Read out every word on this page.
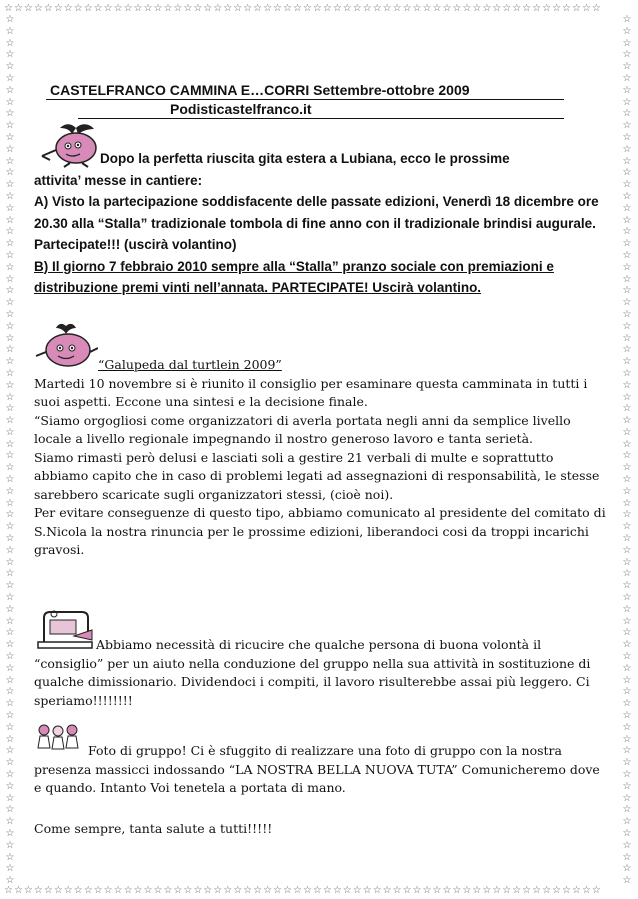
☆☆☆☆☆☆☆☆☆☆☆☆☆☆☆☆☆☆☆☆☆☆☆☆☆☆☆☆☆☆☆☆☆☆☆☆☆☆☆☆☆☆☆☆☆☆☆☆☆☆☆☆☆☆☆☆☆☆☆☆
☆☆☆☆☆☆☆☆☆☆☆☆☆☆☆☆☆☆☆☆☆☆☆☆☆☆☆☆☆☆☆☆☆☆☆☆☆☆☆☆☆☆☆☆☆☆☆☆☆☆☆☆☆☆☆☆☆☆☆☆
☆
☆
☆
☆
☆
☆
☆
☆
☆
☆
☆
☆
☆
☆
☆
☆
☆
☆
☆
☆
☆
☆
☆
☆
☆
☆
☆
☆
☆
☆
☆
☆
☆
☆
☆
☆
☆
☆
☆
☆
☆
☆
☆
☆
☆
☆
☆
☆
☆
☆
☆
☆
☆
☆
☆
☆
☆
☆
☆
☆
☆
☆
☆
☆
☆
☆
☆
☆
☆
☆
☆
☆
☆
☆
☆
☆
☆
☆
☆
☆
☆
☆
☆
☆
☆
☆
☆
☆
☆
☆
☆
☆
☆
☆
☆
☆
☆
☆
☆
☆
☆
☆
☆
☆
☆
☆
☆
☆
☆
☆
☆
☆
☆
☆
☆
☆
☆
☆
☆
☆
☆
☆
☆
☆
☆
☆
☆
☆
☆
☆
☆
☆
☆
☆
☆
☆
☆
☆
☆
☆
☆
☆
☆
☆
☆
☆
☆
☆
CASTELFRANCO CAMMINA E…CORRI Settembre-ottobre 2009
Podisticastelfranco.it

Dopo la perfetta riuscita gita estera a Lubiana, ecco le prossime

attivita’ messe in cantiere:

A) Visto la partecipazione soddisfacente delle passate edizioni, Venerdì 18 dicembre ore 20.30 alla “Stalla” tradizionale tombola di fine anno con il tradizionale brindisi augurale. Partecipate!!! (uscirà volantino)

B) Il giorno 7 febbraio 2010 sempre alla “Stalla” pranzo sociale con premiazioni e distribuzione premi vinti nell’annata. PARTECIPATE! Uscirà volantino.

“Galupeda dal turtlein 2009”

Martedi 10 novembre si è riunito il consiglio per esaminare questa camminata in tutti i suoi aspetti. Eccone una sintesi e la decisione finale.

“Siamo orgogliosi come organizzatori di averla portata negli anni da semplice livello locale a livello regionale impegnando il nostro generoso lavoro e tanta serietà.

Siamo rimasti però delusi e lasciati soli a gestire 21 verbali di multe e soprattutto abbiamo capito che in caso di problemi legati ad assegnazioni di responsabilità, le stesse sarebbero scaricate sugli organizzatori stessi, (cioè noi).

Per evitare conseguenze di questo tipo, abbiamo comunicato al presidente del comitato di S.Nicola la nostra rinuncia per le prossime edizioni, liberandoci cosi da troppi incarichi gravosi.

Abbiamo necessità di ricucire che qualche persona di buona volontà il “consiglio” per un aiuto nella conduzione del gruppo nella sua attività in sostituzione di qualche dimissionario. Dividendoci i compiti, il lavoro risulterebbe assai più leggero. Ci speriamo!!!!!!!!

Foto di gruppo! Ci è sfuggito di realizzare una foto di gruppo con la nostra presenza massicci indossando “LA NOSTRA BELLA NUOVA TUTA” Comunicheremo dove e quando. Intanto Voi tenetela a portata di mano.

Come sempre, tanta salute a tutti!!!!!
